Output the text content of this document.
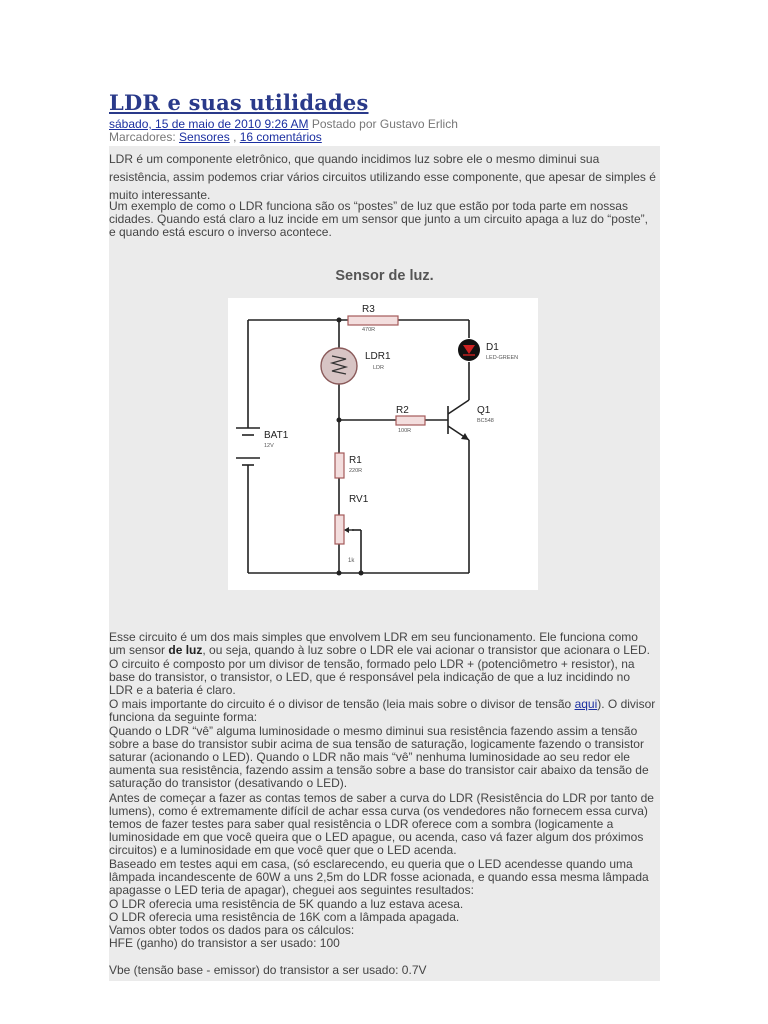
LDR e suas utilidades
sábado, 15 de maio de 2010 9:26 AM Postado por Gustavo Erlich
Marcadores: Sensores , 16 comentários
LDR é um componente eletrônico, que quando incidimos luz sobre ele o mesmo diminui sua resistência, assim podemos criar vários circuitos utilizando esse componente, que apesar de simples é muito interessante.
Um exemplo de como o LDR funciona são os “postes” de luz que estão por toda parte em nossas cidades. Quando está claro a luz incide em um sensor que junto a um circuito apaga a luz do “poste”, e quando está escuro o inverso acontece.
Sensor de luz.
R3
470R
LDR1
LDR
D1
LED-GREEN
R2
100R
Q1
BC548
BAT1
12V
R1
220R
RV1
1k
Esse circuito é um dos mais simples que envolvem LDR em seu funcionamento. Ele funciona como um sensor de luz, ou seja, quando à luz sobre o LDR ele vai acionar o transistor que acionara o LED.
O circuito é composto por um divisor de tensão, formado pelo LDR + (potenciômetro + resistor), na base do transistor, o transistor, o LED, que é responsável pela indicação de que a luz incidindo no LDR e a bateria é claro.
O mais importante do circuito é o divisor de tensão (leia mais sobre o divisor de tensão aqui). O divisor funciona da seguinte forma:
Quando o LDR “vê” alguma luminosidade o mesmo diminui sua resistência fazendo assim a tensão sobre a base do transistor subir acima de sua tensão de saturação, logicamente fazendo o transistor saturar (acionando o LED). Quando o LDR não mais “vê” nenhuma luminosidade ao seu redor ele aumenta sua resistência, fazendo assim a tensão sobre a base do transistor cair abaixo da tensão de saturação do transistor (desativando o LED).
Antes de começar a fazer as contas temos de saber a curva do LDR (Resistência do LDR por tanto de lumens), como é extremamente difícil de achar essa curva (os vendedores não fornecem essa curva) temos de fazer testes para saber qual resistência o LDR oferece com a sombra (logicamente a luminosidade em que você queira que o LED apague, ou acenda, caso vá fazer algum dos próximos circuitos) e a luminosidade em que você quer que o LED acenda.
Baseado em testes aqui em casa, (só esclarecendo, eu queria que o LED acendesse quando uma lâmpada incandescente de 60W a uns 2,5m do LDR fosse acionada, e quando essa mesma lâmpada apagasse o LED teria de apagar), cheguei aos seguintes resultados:
O LDR oferecia uma resistência de 5K quando a luz estava acesa.
O LDR oferecia uma resistência de 16K com a lâmpada apagada.
Vamos obter todos os dados para os cálculos:
HFE (ganho) do transistor a ser usado: 100
Vbe (tensão base - emissor) do transistor a ser usado: 0.7V
